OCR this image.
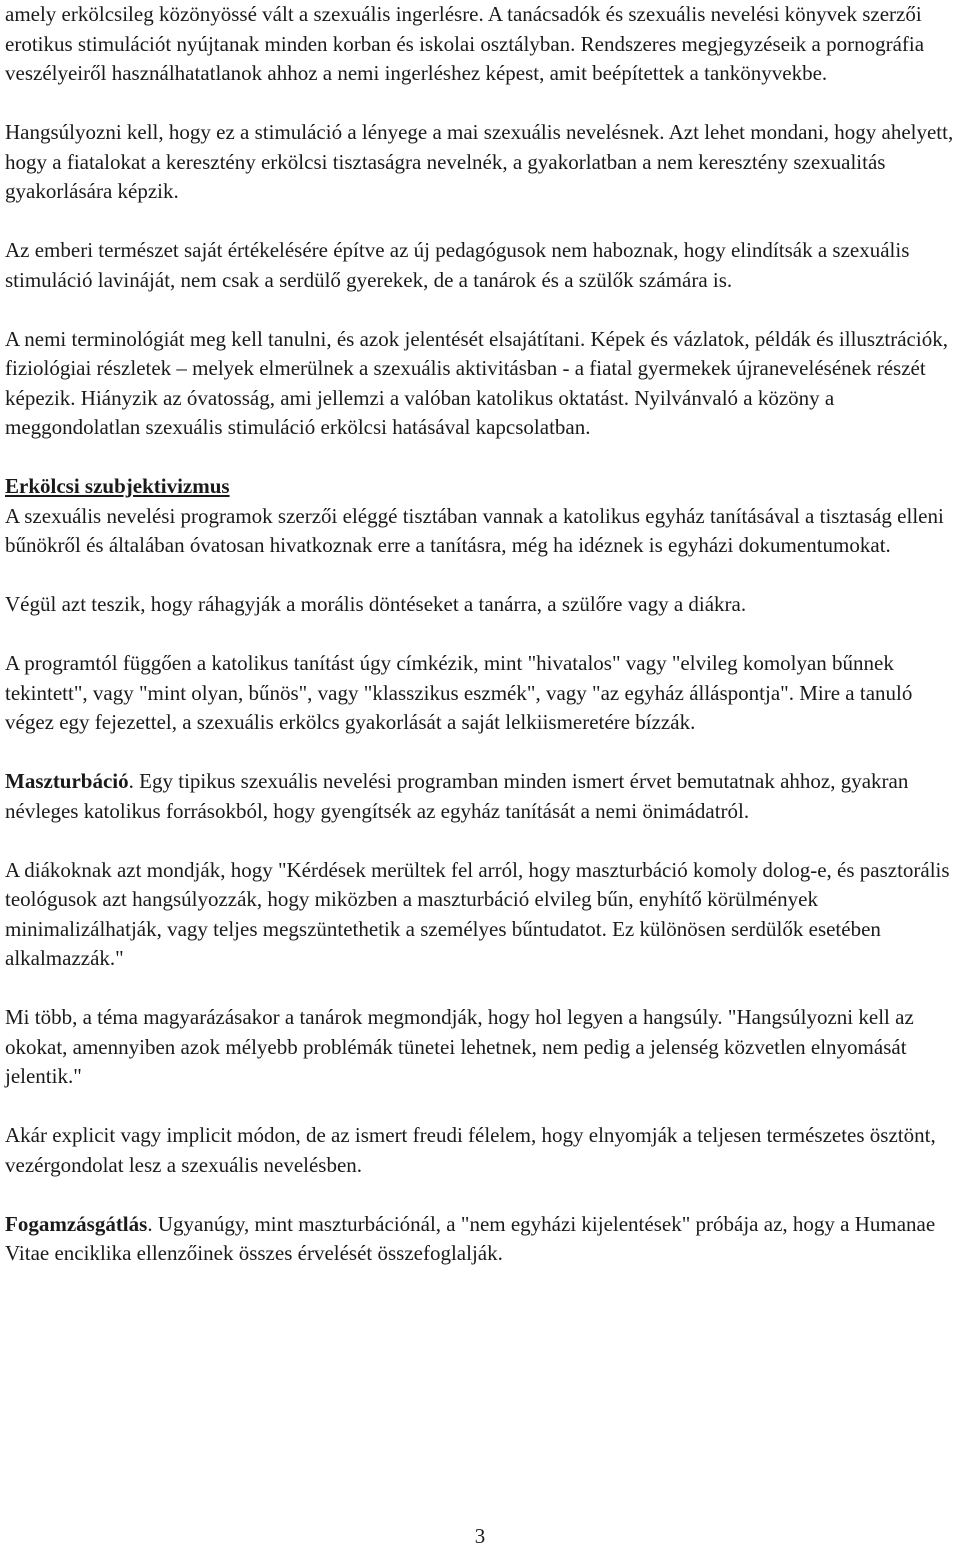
amely erkölcsileg közönyössé vált a szexuális ingerlésre. A tanácsadók és szexuális nevelési könyvek szerzői erotikus stimulációt nyújtanak minden korban és iskolai osztályban. Rendszeres megjegyzéseik a pornográfia veszélyeiről használhatatlanok ahhoz a nemi ingerléshez képest, amit beépítettek a tankönyvekbe.

Hangsúlyozni kell, hogy ez a stimuláció a lényege a mai szexuális nevelésnek. Azt lehet mondani, hogy ahelyett, hogy a fiatalokat a keresztény erkölcsi tisztaságra nevelnék, a gyakorlatban a nem keresztény szexualitás gyakorlására képzik.

Az emberi természet saját értékelésére építve az új pedagógusok nem haboznak, hogy elindítsák a szexuális stimuláció lavináját, nem csak a serdülő gyerekek, de a tanárok és a szülők számára is.

A nemi terminológiát meg kell tanulni, és azok jelentését elsajátítani. Képek és vázlatok, példák és illusztrációk, fiziológiai részletek – melyek elmerülnek a szexuális aktivitásban - a fiatal gyermekek újranevelésének részét képezik. Hiányzik az óvatosság, ami jellemzi a valóban katolikus oktatást. Nyilvánvaló a közöny a meggondolatlan szexuális stimuláció erkölcsi hatásával kapcsolatban.

Erkölcsi szubjektivizmus

A szexuális nevelési programok szerzői eléggé tisztában vannak a katolikus egyház tanításával a tisztaság elleni bűnökről és általában óvatosan hivatkoznak erre a tanításra, még ha idéznek is egyházi dokumentumokat.

Végül azt teszik, hogy ráhagyják a morális döntéseket a tanárra, a szülőre vagy a diákra.

A programtól függően a katolikus tanítást úgy címkézik, mint "hivatalos" vagy "elvileg komolyan bűnnek tekintett", vagy "mint olyan, bűnös", vagy "klasszikus eszmék", vagy "az egyház álláspontja". Mire a tanuló végez egy fejezettel, a szexuális erkölcs gyakorlását a saját lelkiismeretére bízzák.

Maszturbáció. Egy tipikus szexuális nevelési programban minden ismert érvet bemutatnak ahhoz, gyakran névleges katolikus forrásokból, hogy gyengítsék az egyház tanítását a nemi önimádatról.

A diákoknak azt mondják, hogy "Kérdések merültek fel arról, hogy maszturbáció komoly dolog-e, és pasztorális teológusok azt hangsúlyozzák, hogy miközben a maszturbáció elvileg bűn, enyhítő körülmények minimalizálhatják, vagy teljes megszüntethetik a személyes bűntudatot. Ez különösen serdülők esetében alkalmazzák."

Mi több, a téma magyarázásakor a tanárok megmondják, hogy hol legyen a hangsúly. "Hangsúlyozni kell az okokat, amennyiben azok mélyebb problémák tünetei lehetnek, nem pedig a jelenség közvetlen elnyomását jelentik."

Akár explicit vagy implicit módon, de az ismert freudi félelem, hogy elnyomják a teljesen természetes ösztönt, vezérgondolat lesz a szexuális nevelésben.

Fogamzásgátlás. Ugyanúgy, mint maszturbációnál, a "nem egyházi kijelentések" próbája az, hogy a Humanae Vitae enciklika ellenzőinek összes érvelését összefoglalják.

3
